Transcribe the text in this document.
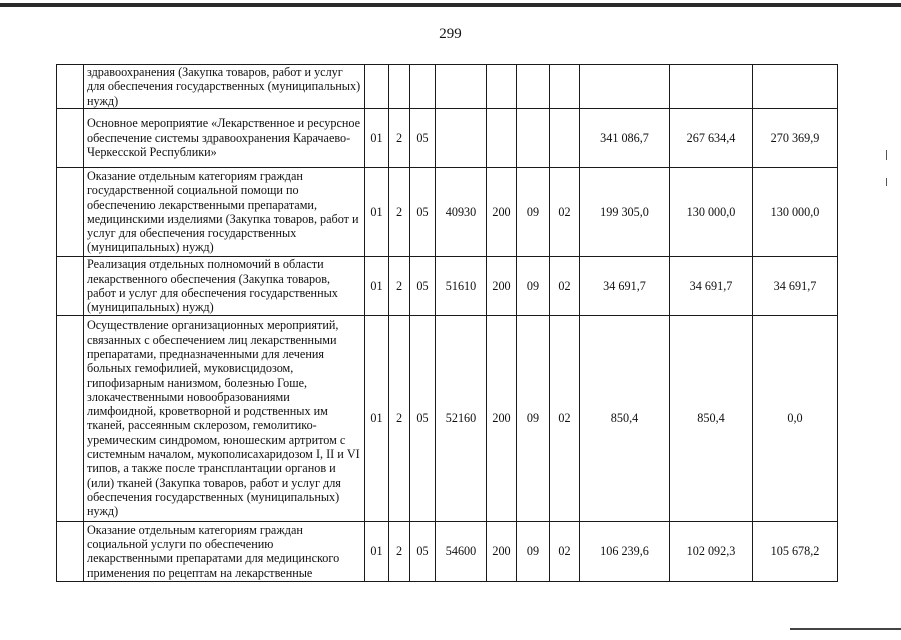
299
	здравоохранения (Закупка товаров, работ и услуг для обеспечения государственных (муниципальных) нужд)										
	Основное мероприятие «Лекарственное и ресурсное обеспечение системы здравоохранения Карачаево-Черкесской Республики»	01	2	05					341 086,7	267 634,4	270 369,9
	Оказание отдельным категориям граждан государственной социальной помощи по обеспечению лекарственными препаратами, медицинскими изделиями (Закупка товаров, работ и услуг для обеспечения государственных (муниципальных) нужд)	01	2	05	40930	200	09	02	199 305,0	130 000,0	130 000,0
	Реализация отдельных полномочий в области лекарственного обеспечения (Закупка товаров, работ и услуг для обеспечения государственных (муниципальных) нужд)	01	2	05	51610	200	09	02	34 691,7	34 691,7	34 691,7
	Осуществление организационных мероприятий, связанных с обеспечением лиц лекарственными препаратами, предназначенными для лечения больных гемофилией, муковисцидозом, гипофизарным нанизмом, болезнью Гоше, злокачественными новообразованиями лимфоидной, кроветворной и родственных им тканей, рассеянным склерозом, гемолитико-уремическим синдромом, юношеским артритом с системным началом, мукополисахаридозом I, II и VI типов, а также после трансплантации органов и (или) тканей (Закупка товаров, работ и услуг для обеспечения государственных (муниципальных) нужд)	01	2	05	52160	200	09	02	850,4	850,4	0,0
	Оказание отдельным категориям граждан социальной услуги по обеспечению лекарственными препаратами для медицинского применения по рецептам на лекарственные	01	2	05	54600	200	09	02	106 239,6	102 092,3	105 678,2
